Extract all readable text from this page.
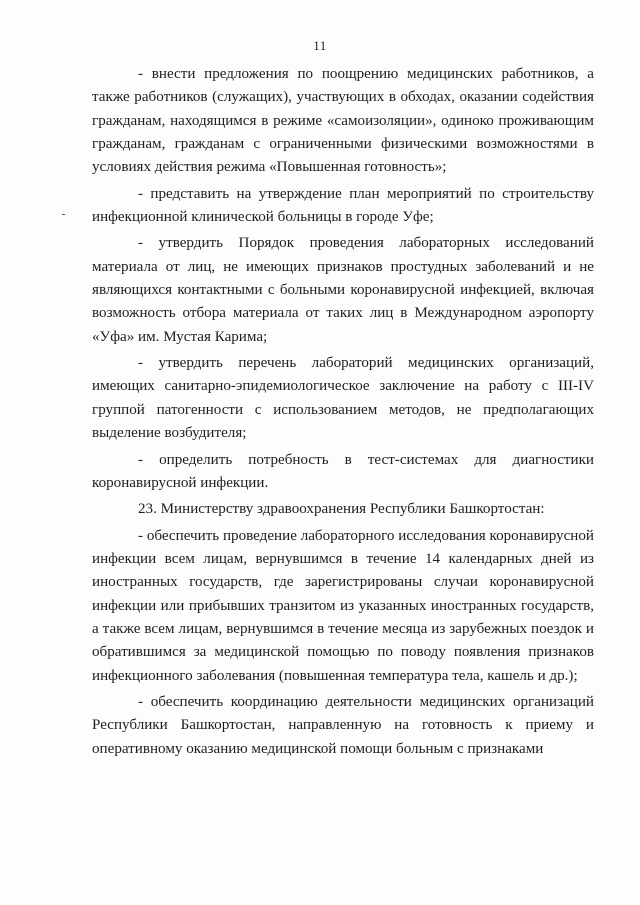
11

- внести предложения по поощрению медицинских работников, а также работников (служащих), участвующих в обходах, оказании содействия гражданам, находящимся в режиме «самоизоляции», одиноко проживающим гражданам, гражданам с ограниченными физическими возможностями в условиях действия режима «Повышенная готовность»;

- представить на утверждение план мероприятий по строительству инфекционной клинической больницы в городе Уфе;

- утвердить Порядок проведения лабораторных исследований материала от лиц, не имеющих признаков простудных заболеваний и не являющихся контактными с больными коронавирусной инфекцией, включая возможность отбора материала от таких лиц в Международном аэропорту «Уфа» им. Мустая Карима;

- утвердить перечень лабораторий медицинских организаций, имеющих санитарно-эпидемиологическое заключение на работу с III-IV группой патогенности с использованием методов, не предполагающих выделение возбудителя;

- определить потребность в тест-системах для диагностики коронавирусной инфекции.

23. Министерству здравоохранения Республики Башкортостан:

- обеспечить проведение лабораторного исследования коронавирусной инфекции всем лицам, вернувшимся в течение 14 календарных дней из иностранных государств, где зарегистрированы случаи коронавирусной инфекции или прибывших транзитом из указанных иностранных государств, а также всем лицам, вернувшимся в течение месяца из зарубежных поездок и обратившимся за медицинской помощью по поводу появления признаков инфекционного заболевания (повышенная температура тела, кашель и др.);

- обеспечить координацию деятельности медицинских организаций Республики Башкортостан, направленную на готовность к приему и оперативному оказанию медицинской помощи больным с признаками
